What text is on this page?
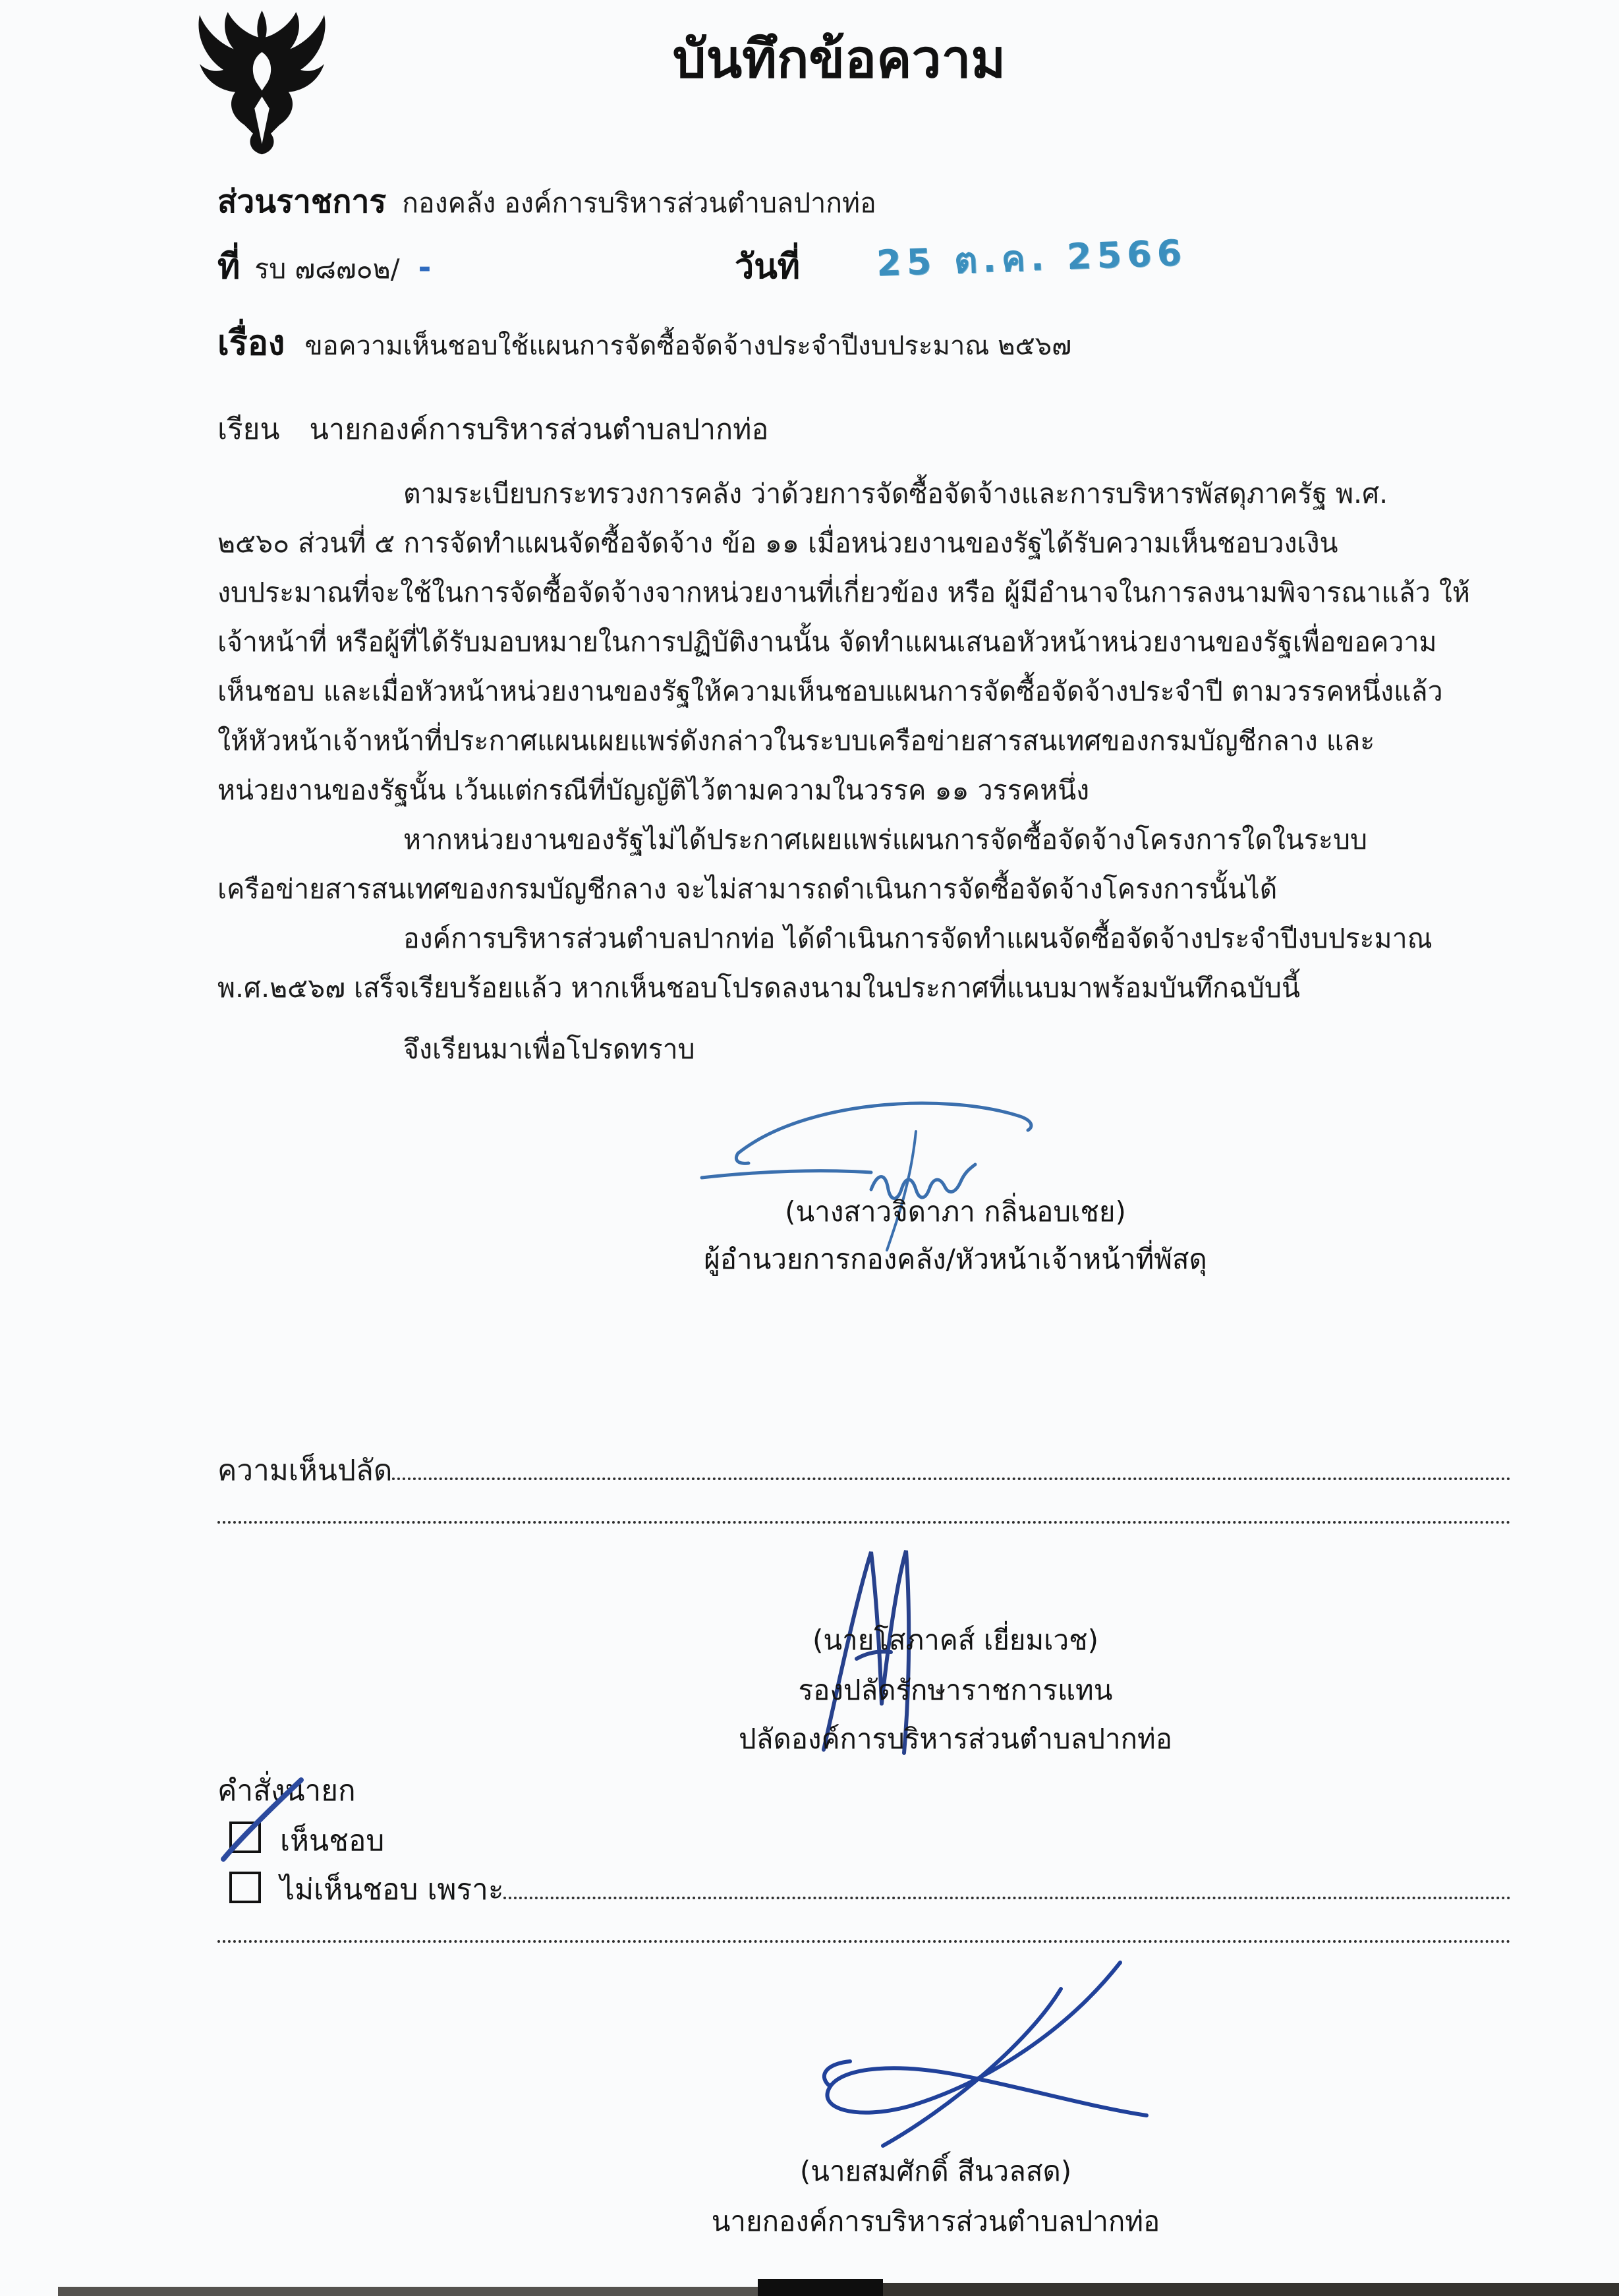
บันทึกข้อความ
ส่วนราชการ กองคลัง องค์การบริหารส่วนตำบลปากท่อ
ที่ รบ ๗๘๗๐๒/ -	วันที่ 25 ต.ค. 2566
เรื่อง ขอความเห็นชอบใช้แผนการจัดซื้อจัดจ้างประจำปีงบประมาณ ๒๕๖๗
เรียน นายกองค์การบริหารส่วนตำบลปากท่อ
ตามระเบียบกระทรวงการคลัง ว่าด้วยการจัดซื้อจัดจ้างและการบริหารพัสดุภาครัฐ พ.ศ.
๒๕๖๐ ส่วนที่ ๕ การจัดทำแผนจัดซื้อจัดจ้าง ข้อ ๑๑ เมื่อหน่วยงานของรัฐได้รับความเห็นชอบวงเงิน
งบประมาณที่จะใช้ในการจัดซื้อจัดจ้างจากหน่วยงานที่เกี่ยวข้อง หรือ ผู้มีอำนาจในการลงนามพิจารณาแล้ว ให้
เจ้าหน้าที่ หรือผู้ที่ได้รับมอบหมายในการปฏิบัติงานนั้น จัดทำแผนเสนอหัวหน้าหน่วยงานของรัฐเพื่อขอความ
เห็นชอบ และเมื่อหัวหน้าหน่วยงานของรัฐให้ความเห็นชอบแผนการจัดซื้อจัดจ้างประจำปี ตามวรรคหนึ่งแล้ว
ให้หัวหน้าเจ้าหน้าที่ประกาศแผนเผยแพร่ดังกล่าวในระบบเครือข่ายสารสนเทศของกรมบัญชีกลาง และ
หน่วยงานของรัฐนั้น เว้นแต่กรณีที่บัญญัติไว้ตามความในวรรค ๑๑ วรรคหนึ่ง
หากหน่วยงานของรัฐไม่ได้ประกาศเผยแพร่แผนการจัดซื้อจัดจ้างโครงการใดในระบบ
เครือข่ายสารสนเทศของกรมบัญชีกลาง จะไม่สามารถดำเนินการจัดซื้อจัดจ้างโครงการนั้นได้
องค์การบริหารส่วนตำบลปากท่อ ได้ดำเนินการจัดทำแผนจัดซื้อจัดจ้างประจำปีงบประมาณ
พ.ศ.๒๕๖๗ เสร็จเรียบร้อยแล้ว หากเห็นชอบโปรดลงนามในประกาศที่แนบมาพร้อมบันทึกฉบับนี้
จึงเรียนมาเพื่อโปรดทราบ
(นางสาวจิดาภา กลิ่นอบเชย)
ผู้อำนวยการกองคลัง/หัวหน้าเจ้าหน้าที่พัสดุ
ความเห็นปลัด
(นายโสภาคส์ เยี่ยมเวช)
รองปลัดรักษาราชการแทน
ปลัดองค์การบริหารส่วนตำบลปากท่อ
คำสั่งนายก
เห็นชอบ
ไม่เห็นชอบ เพราะ
(นายสมศักดิ์ สีนวลสด)
นายกองค์การบริหารส่วนตำบลปากท่อ
